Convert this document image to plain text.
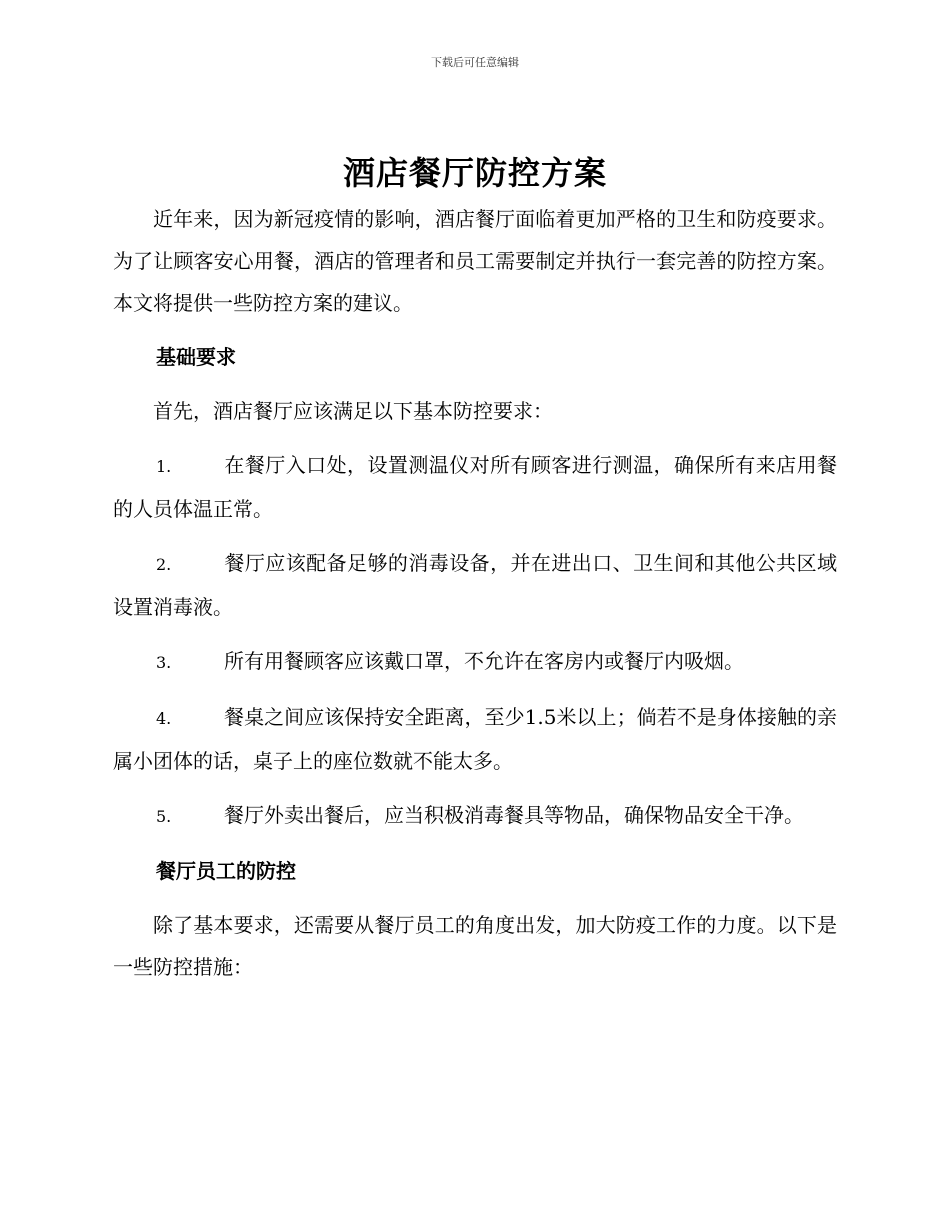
下载后可任意编辑
酒店餐厅防控方案

近年来，因为新冠疫情的影响，酒店餐厅面临着更加严格的卫生和防疫要求。为了让顾客安心用餐，酒店的管理者和员工需要制定并执行一套完善的防控方案。本文将提供一些防控方案的建议。

基础要求

首先，酒店餐厅应该满足以下基本防控要求：

1.	在餐厅入口处，设置测温仪对所有顾客进行测温，确保所有来店用餐的人员体温正常。

2.	餐厅应该配备足够的消毒设备，并在进出口、卫生间和其他公共区域设置消毒液。

3.	所有用餐顾客应该戴口罩，不允许在客房内或餐厅内吸烟。

4.	餐桌之间应该保持安全距离，至少1.5米以上；倘若不是身体接触的亲属小团体的话，桌子上的座位数就不能太多。

5.	餐厅外卖出餐后，应当积极消毒餐具等物品，确保物品安全干净。

餐厅员工的防控

除了基本要求，还需要从餐厅员工的角度出发，加大防疫工作的力度。以下是一些防控措施：
